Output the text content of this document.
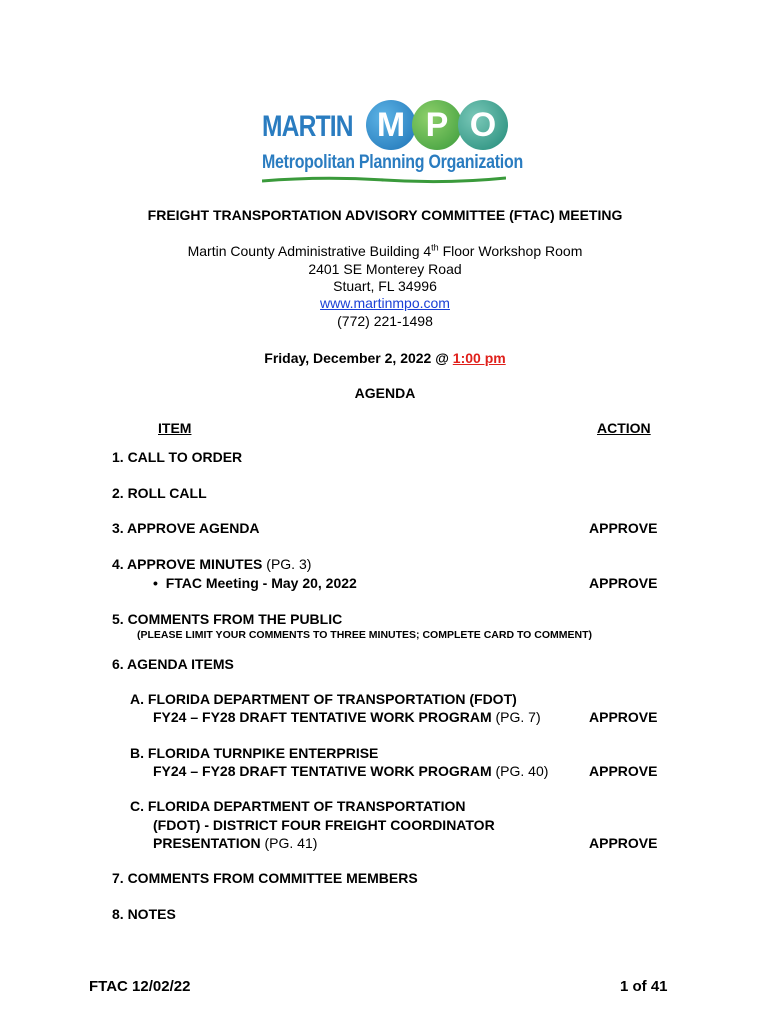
MARTIN M P O
Metropolitan Planning Organization
FREIGHT TRANSPORTATION ADVISORY COMMITTEE (FTAC) MEETING
Martin County Administrative Building 4th Floor Workshop Room
2401 SE Monterey Road
Stuart, FL 34996
www.martinmpo.com
(772) 221-1498
Friday, December 2, 2022 @ 1:00 pm
AGENDA
ITEM	ACTION
1. CALL TO ORDER
2. ROLL CALL
3. APPROVE AGENDA	APPROVE
4. APPROVE MINUTES (PG. 3)
• FTAC Meeting - May 20, 2022	APPROVE
5. COMMENTS FROM THE PUBLIC
(PLEASE LIMIT YOUR COMMENTS TO THREE MINUTES; COMPLETE CARD TO COMMENT)
6. AGENDA ITEMS
A. FLORIDA DEPARTMENT OF TRANSPORTATION (FDOT)
FY24 – FY28 DRAFT TENTATIVE WORK PROGRAM (PG. 7)	APPROVE
B. FLORIDA TURNPIKE ENTERPRISE
FY24 – FY28 DRAFT TENTATIVE WORK PROGRAM (PG. 40)	APPROVE
C. FLORIDA DEPARTMENT OF TRANSPORTATION
(FDOT) - DISTRICT FOUR FREIGHT COORDINATOR
PRESENTATION (PG. 41)	APPROVE
7. COMMENTS FROM COMMITTEE MEMBERS
8. NOTES
FTAC 12/02/22	1 of 41
